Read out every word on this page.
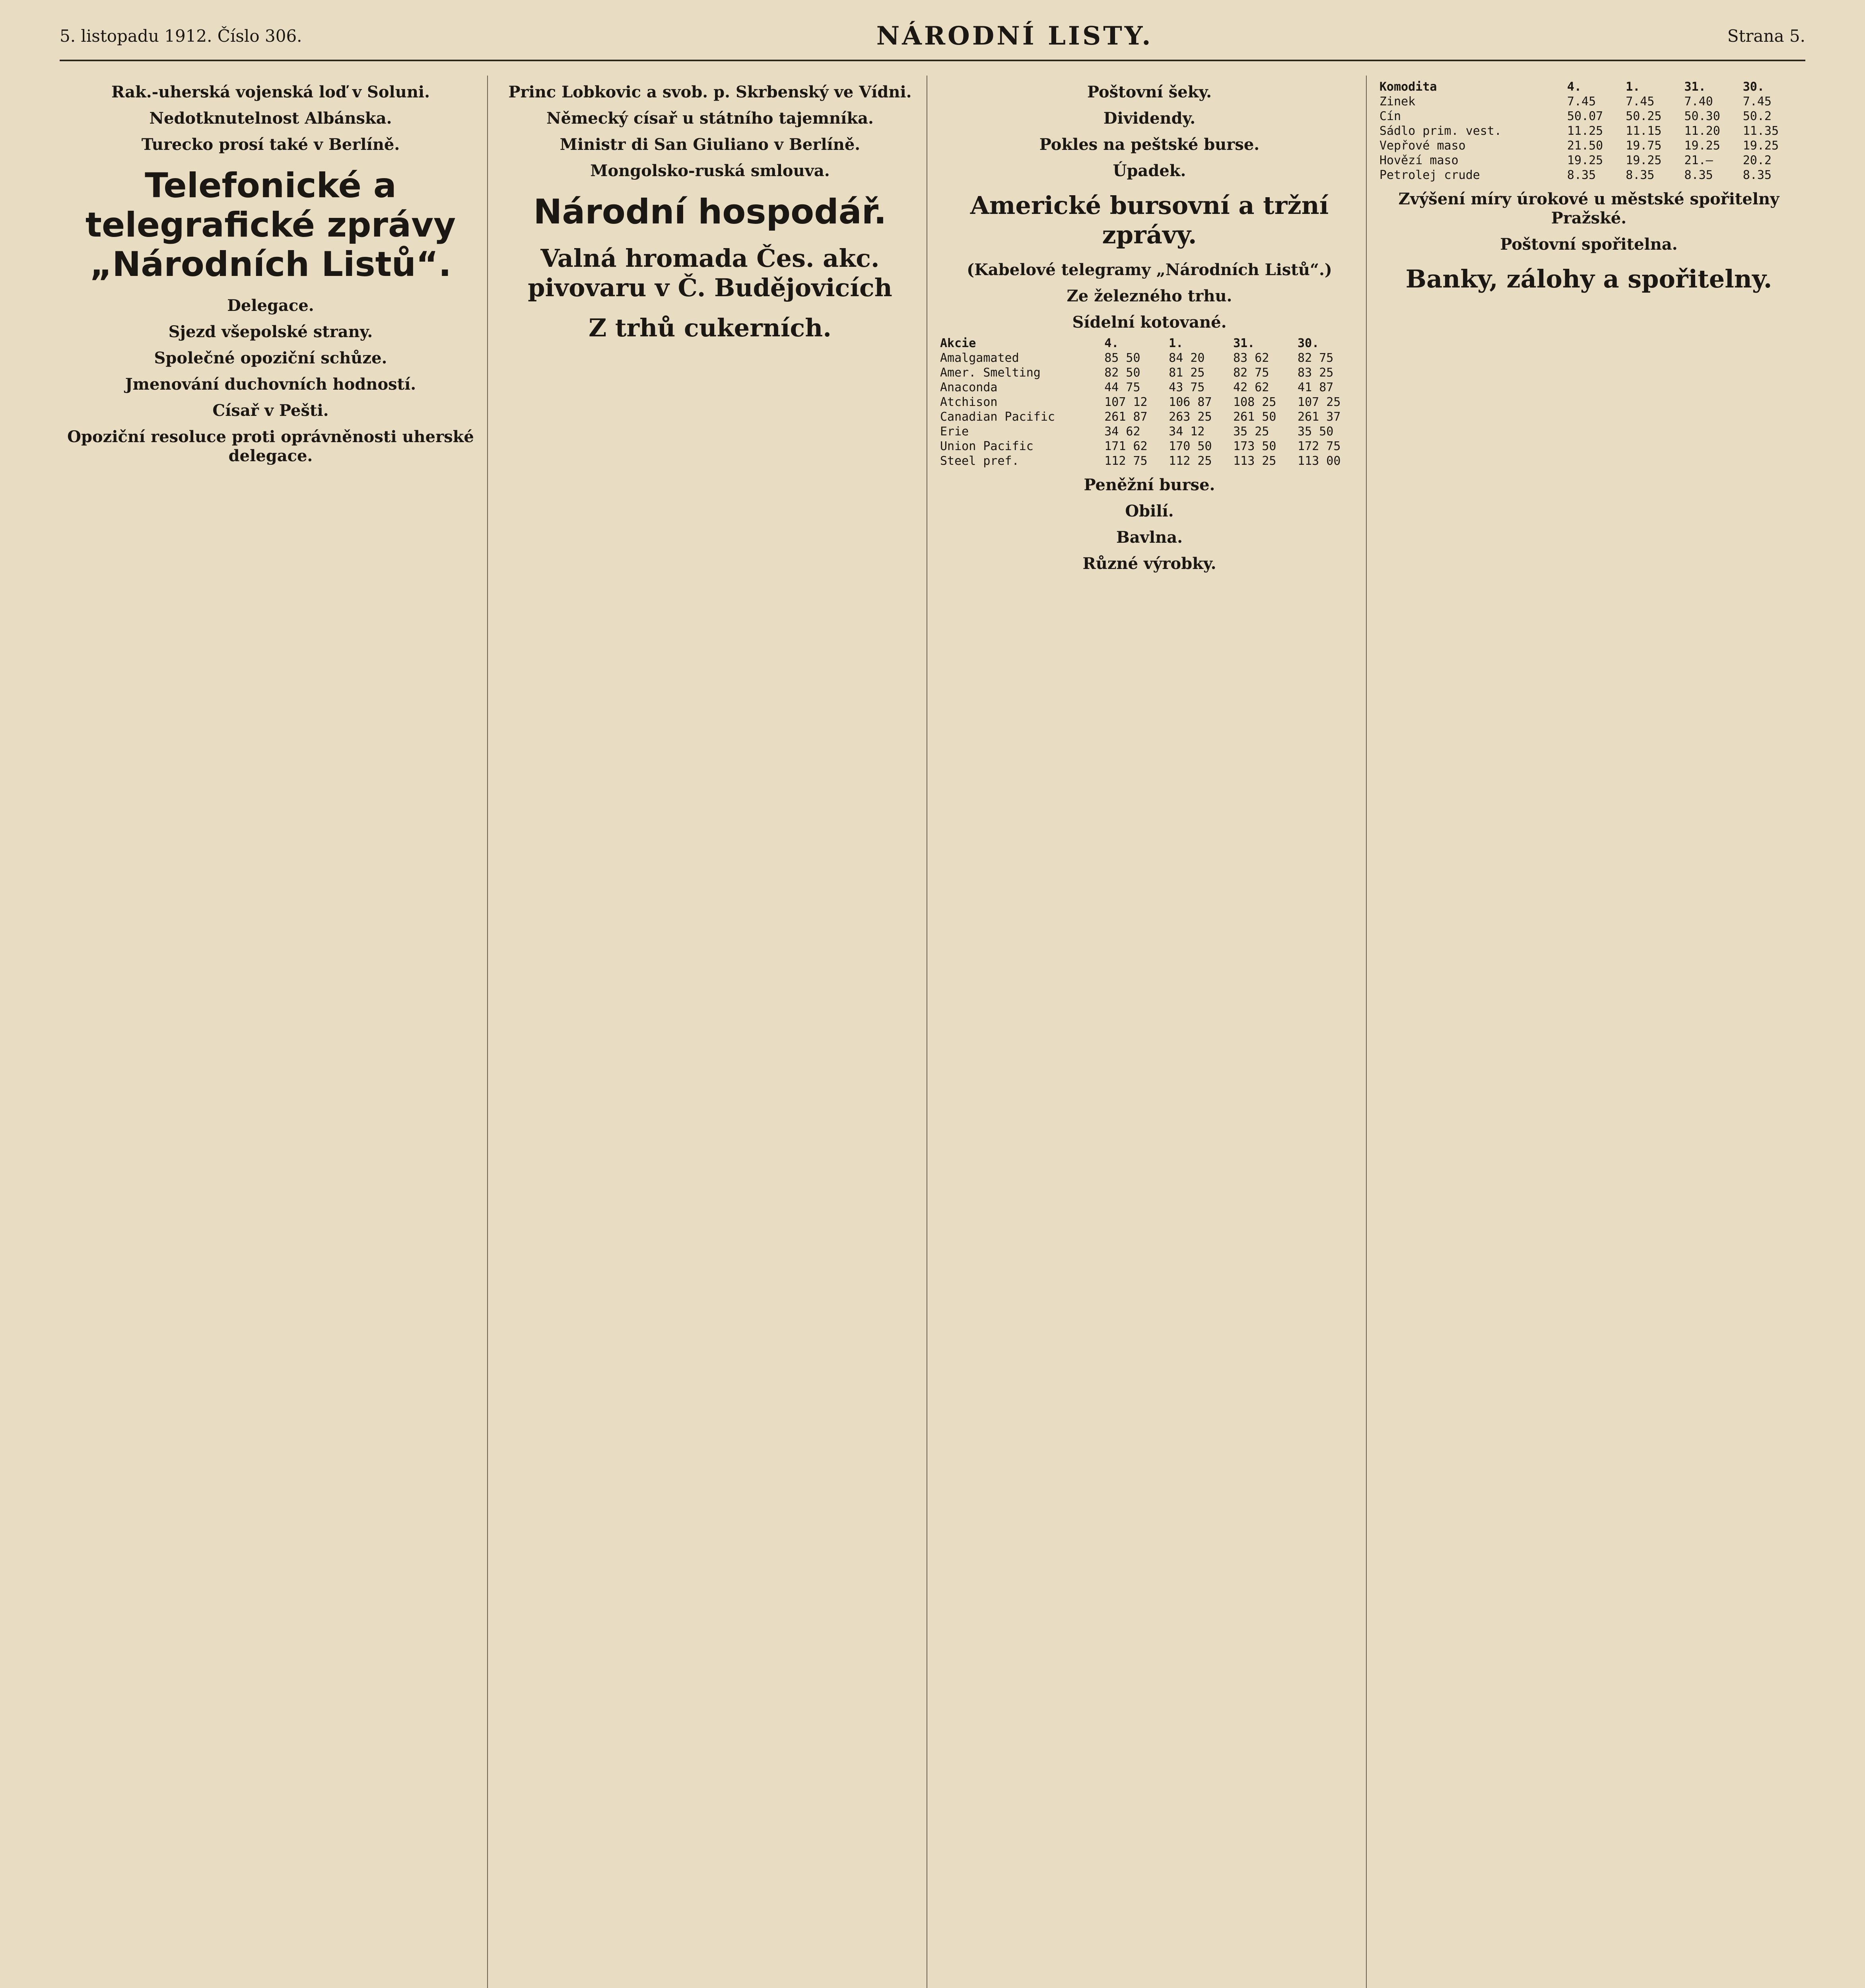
5. listopadu 1912. Číslo 306.	NÁRODNÍ LISTY.	Strana 5.
Rak.-uherská vojenská loď v Soluni.
Nedotknutelnost Albánska.
Turecko prosí také v Berlíně.
Telefonické a telegrafické zprávy „Národních Listů“.
Delegace.
Sjezd všepolské strany.
Společné opoziční schůze.
Jmenování duchovních hodností.
Císař v Pešti.
Opoziční resoluce proti oprávněnosti uherské delegace.
Princ Lobkovic a svob. p. Skrbenský ve Vídni.
Německý císař u státního tajemníka.
Ministr di San Giuliano v Berlíně.
Mongolsko-ruská smlouva.
Národní hospodář.
Valná hromada Čes. akc. pivovaru v Č. Budějovicích
Z trhů cukerních.
Poštovní šeky.
Dividendy.
Pokles na peštské burse.
Úpadek.
Americké bursovní a tržní zprávy.
(Kabelové telegramy „Národních Listů“.)
Ze železného trhu.
Sídelní kotované.
Akcie	4.	1.	31.	30.
Amalgamated	85 50	84 20	83 62	82 75
Amer. Smelting	82 50	81 25	82 75	83 25
Anaconda	44 75	43 75	42 62	41 87
Atchison	107 12	106 87	108 25	107 25
Canadian Pacific	261 87	263 25	261 50	261 37
Erie	34 62	34 12	35 25	35 50
Union Pacific	171 62	170 50	173 50	172 75
Steel pref.	112 75	112 25	113 25	113 00
Peněžní burse.
Obilí.
Bavlna.
Různé výrobky.
Komodita	4.	1.	31.	30.
Zinek	7.45	7.45	7.40	7.45
Cín	50.07	50.25	50.30	50.2
Sádlo prim. vest.	11.25	11.15	11.20	11.35
Vepřové maso	21.50	19.75	19.25	19.25
Hovězí maso	19.25	19.25	21.—	20.2
Petrolej crude	8.35	8.35	8.35	8.35
Zvýšení míry úrokové u městské spořitelny Pražské.
Poštovní spořitelna.
Banky, zálohy a spořitelny.
